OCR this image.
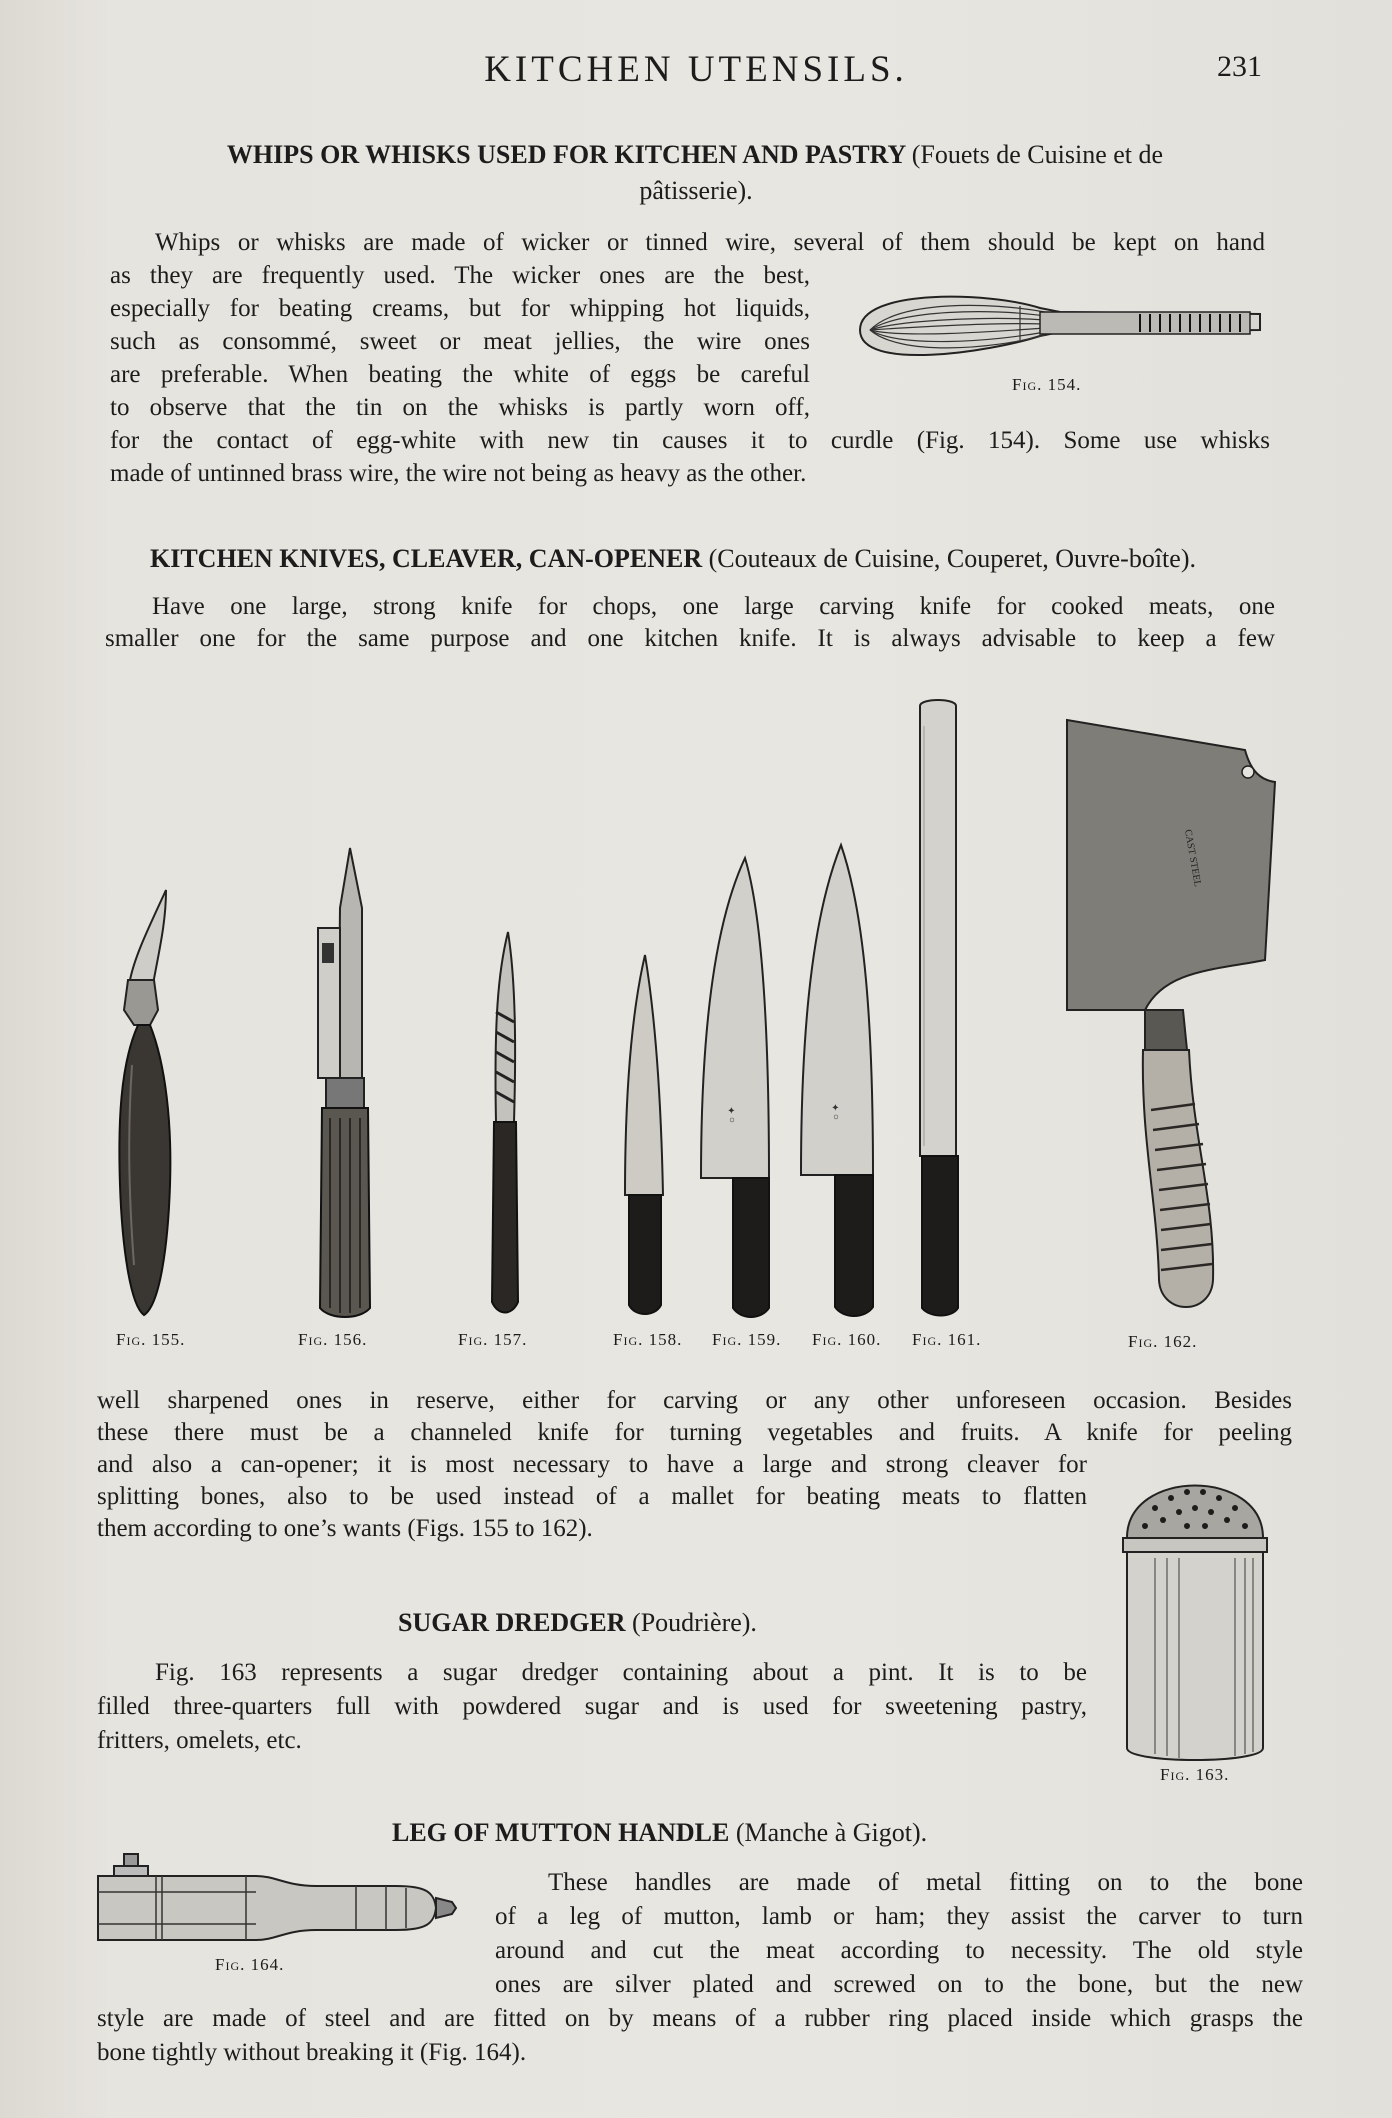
KITCHEN UTENSILS.	231
WHIPS OR WHISKS USED FOR KITCHEN AND PASTRY (Fouets de Cuisine et de
pâtisserie).
Whips or whisks are made of wicker or tinned wire, several of them should be kept on hand
as they are frequently used. The wicker ones are the best,
especially for beating creams, but for whipping hot liquids,
such as consommé, sweet or meat jellies, the wire ones
are preferable. When beating the white of eggs be careful
to observe that the tin on the whisks is partly worn off,
for the contact of egg-white with new tin causes it to curdle (Fig. 154). Some use whisks
made of untinned brass wire, the wire not being as heavy as the other.
Fig. 154.
KITCHEN KNIVES, CLEAVER, CAN-OPENER (Couteaux de Cuisine, Couperet, Ouvre-boîte).
Have one large, strong knife for chops, one large carving knife for cooked meats, one
smaller one for the same purpose and one kitchen knife. It is always advisable to keep a few
○ ✦	○ ✦
CAST STEEL
Fig. 155.	Fig. 156.	Fig. 157.	Fig. 158. Fig. 159. Fig. 160. Fig. 161.	Fig. 162.
well sharpened ones in reserve, either for carving or any other unforeseen occasion. Besides
these there must be a channeled knife for turning vegetables and fruits. A knife for peeling
and also a can-opener; it is most necessary to have a large and strong cleaver for
splitting bones, also to be used instead of a mallet for beating meats to flatten
them according to one’s wants (Figs. 155 to 162).
SUGAR DREDGER (Poudrière).
Fig. 163 represents a sugar dredger containing about a pint. It is to be
filled three-quarters full with powdered sugar and is used for sweetening pastry,
fritters, omelets, etc.
Fig. 163.
LEG OF MUTTON HANDLE (Manche à Gigot).
Fig. 164.
These handles are made of metal fitting on to the bone
of a leg of mutton, lamb or ham; they assist the carver to turn
around and cut the meat according to necessity. The old style
ones are silver plated and screwed on to the bone, but the new
style are made of steel and are fitted on by means of a rubber ring placed inside which grasps the
bone tightly without breaking it (Fig. 164).
